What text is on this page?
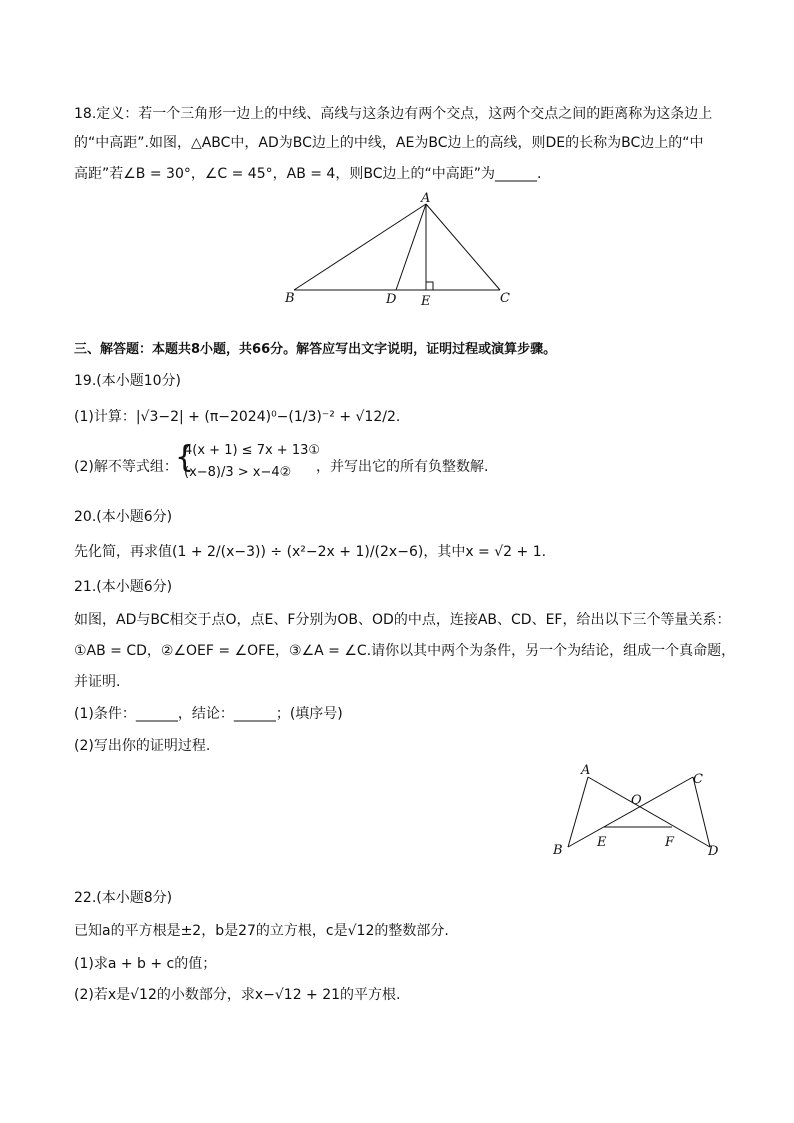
18.定义：若一个三角形一边上的中线、高线与这条边有两个交点，这两个交点之间的距离称为这条边上
的“中高距”.如图，△ABC中，AD为BC边上的中线，AE为BC边上的高线，则DE的长称为BC边上的“中
高距”若∠B = 30°，∠C = 45°，AB = 4，则BC边上的“中高距”为______.
A
B	C
D E
三、解答题：本题共8小题，共66分。解答应写出文字说明，证明过程或演算步骤。
19.(本小题10分)
(1)计算：|√3−2| + (π−2024)⁰−(1/3)⁻² + √12/2.
(2)解不等式组：
{
4(x + 1) ≤ 7x + 13①
(x−8)/3 > x−4② ，并写出它的所有负整数解.
20.(本小题6分)
先化简，再求值(1 + 2/(x−3)) ÷ (x²−2x + 1)/(2x−6)，其中x = √2 + 1.
21.(本小题6分)
如图，AD与BC相交于点O，点E、F分别为OB、OD的中点，连接AB、CD、EF，给出以下三个等量关系：
①AB = CD，②∠OEF = ∠OFE，③∠A = ∠C.请你以其中两个为条件，另一个为结论，组成一个真命题，
并证明.
(1)条件：______，结论：______；(填序号)
(2)写出你的证明过程.
A
B
C
D
E	F
O
22.(本小题8分)
已知a的平方根是±2，b是27的立方根，c是√12的整数部分.
(1)求a + b + c的值；
(2)若x是√12的小数部分，求x−√12 + 21的平方根.
